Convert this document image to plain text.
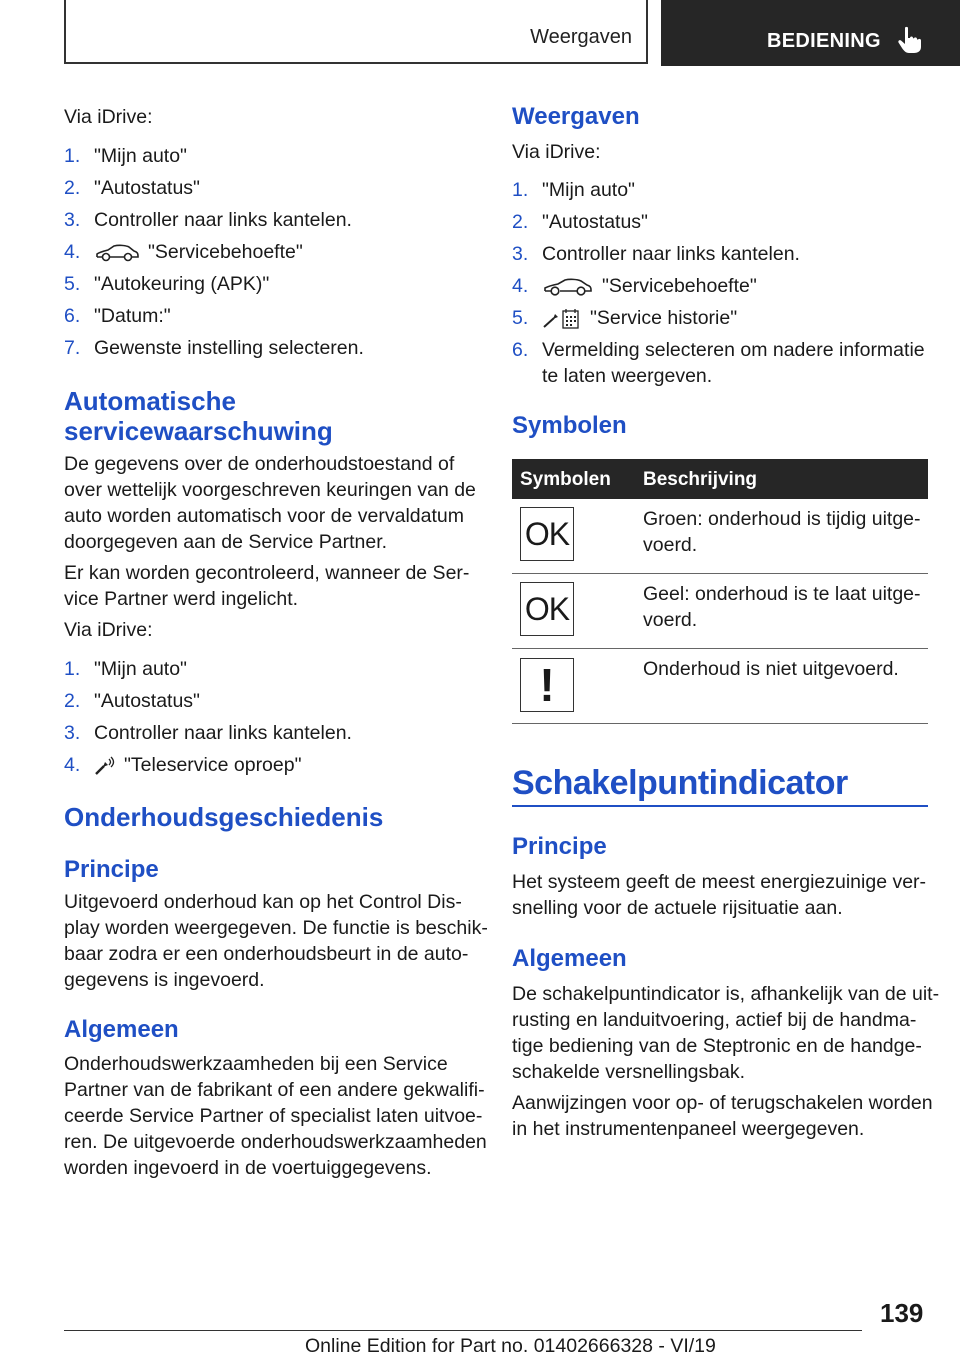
Weergaven	BEDIENING
Via iDrive:
1. "Mijn auto"
2. "Autostatus"
3. Controller naar links kantelen.
4.	"Servicebehoefte"
5. "Autokeuring (APK)"
6. "Datum:"
7. Gewenste instelling selecteren.
Automatische
servicewaarschuwing
De gegevens over de onderhoudstoestand of
over wettelijk voorgeschreven keuringen van de
auto worden automatisch voor de vervaldatum
doorgegeven aan de Service Partner.
Er kan worden gecontroleerd, wanneer de Ser‐
vice Partner werd ingelicht.
Via iDrive:
1. "Mijn auto"
2. "Autostatus"
3. Controller naar links kantelen.
4. "Teleservice oproep"
Onderhoudsgeschiedenis
Principe
Uitgevoerd onderhoud kan op het Control Dis‐
play worden weergegeven. De functie is beschik‐
baar zodra er een onderhoudsbeurt in de auto‐
gegevens is ingevoerd.
Algemeen
Onderhoudswerkzaamheden bij een Service
Partner van de fabrikant of een andere gekwalifi‐
ceerde Service Partner of specialist laten uitvoe‐
ren. De uitgevoerde onderhoudswerkzaamheden
worden ingevoerd in de voertuiggegevens.
Weergaven
Via iDrive:
1. "Mijn auto"
2. "Autostatus"
3. Controller naar links kantelen.
4.	"Servicebehoefte"
5.	"Service historie"
6. Vermelding selecteren om nadere informatie
te laten weergeven.
Symbolen
Symbolen Beschrijving
OK	Groen: onderhoud is tijdig uitge‐
voerd.
OK	Geel: onderhoud is te laat uitge‐
voerd.
!	Onderhoud is niet uitgevoerd.
Schakelpuntindicator
Principe
Het systeem geeft de meest energiezuinige ver‐
snelling voor de actuele rijsituatie aan.
Algemeen
De schakelpuntindicator is, afhankelijk van de uit‐
rusting en landuitvoering, actief bij de handma‐
tige bediening van de Steptronic en de handge‐
schakelde versnellingsbak.
Aanwijzingen voor op- of terugschakelen worden
in het instrumentenpaneel weergegeven.
139
Online Edition for Part no. 01402666328 - VI/19
